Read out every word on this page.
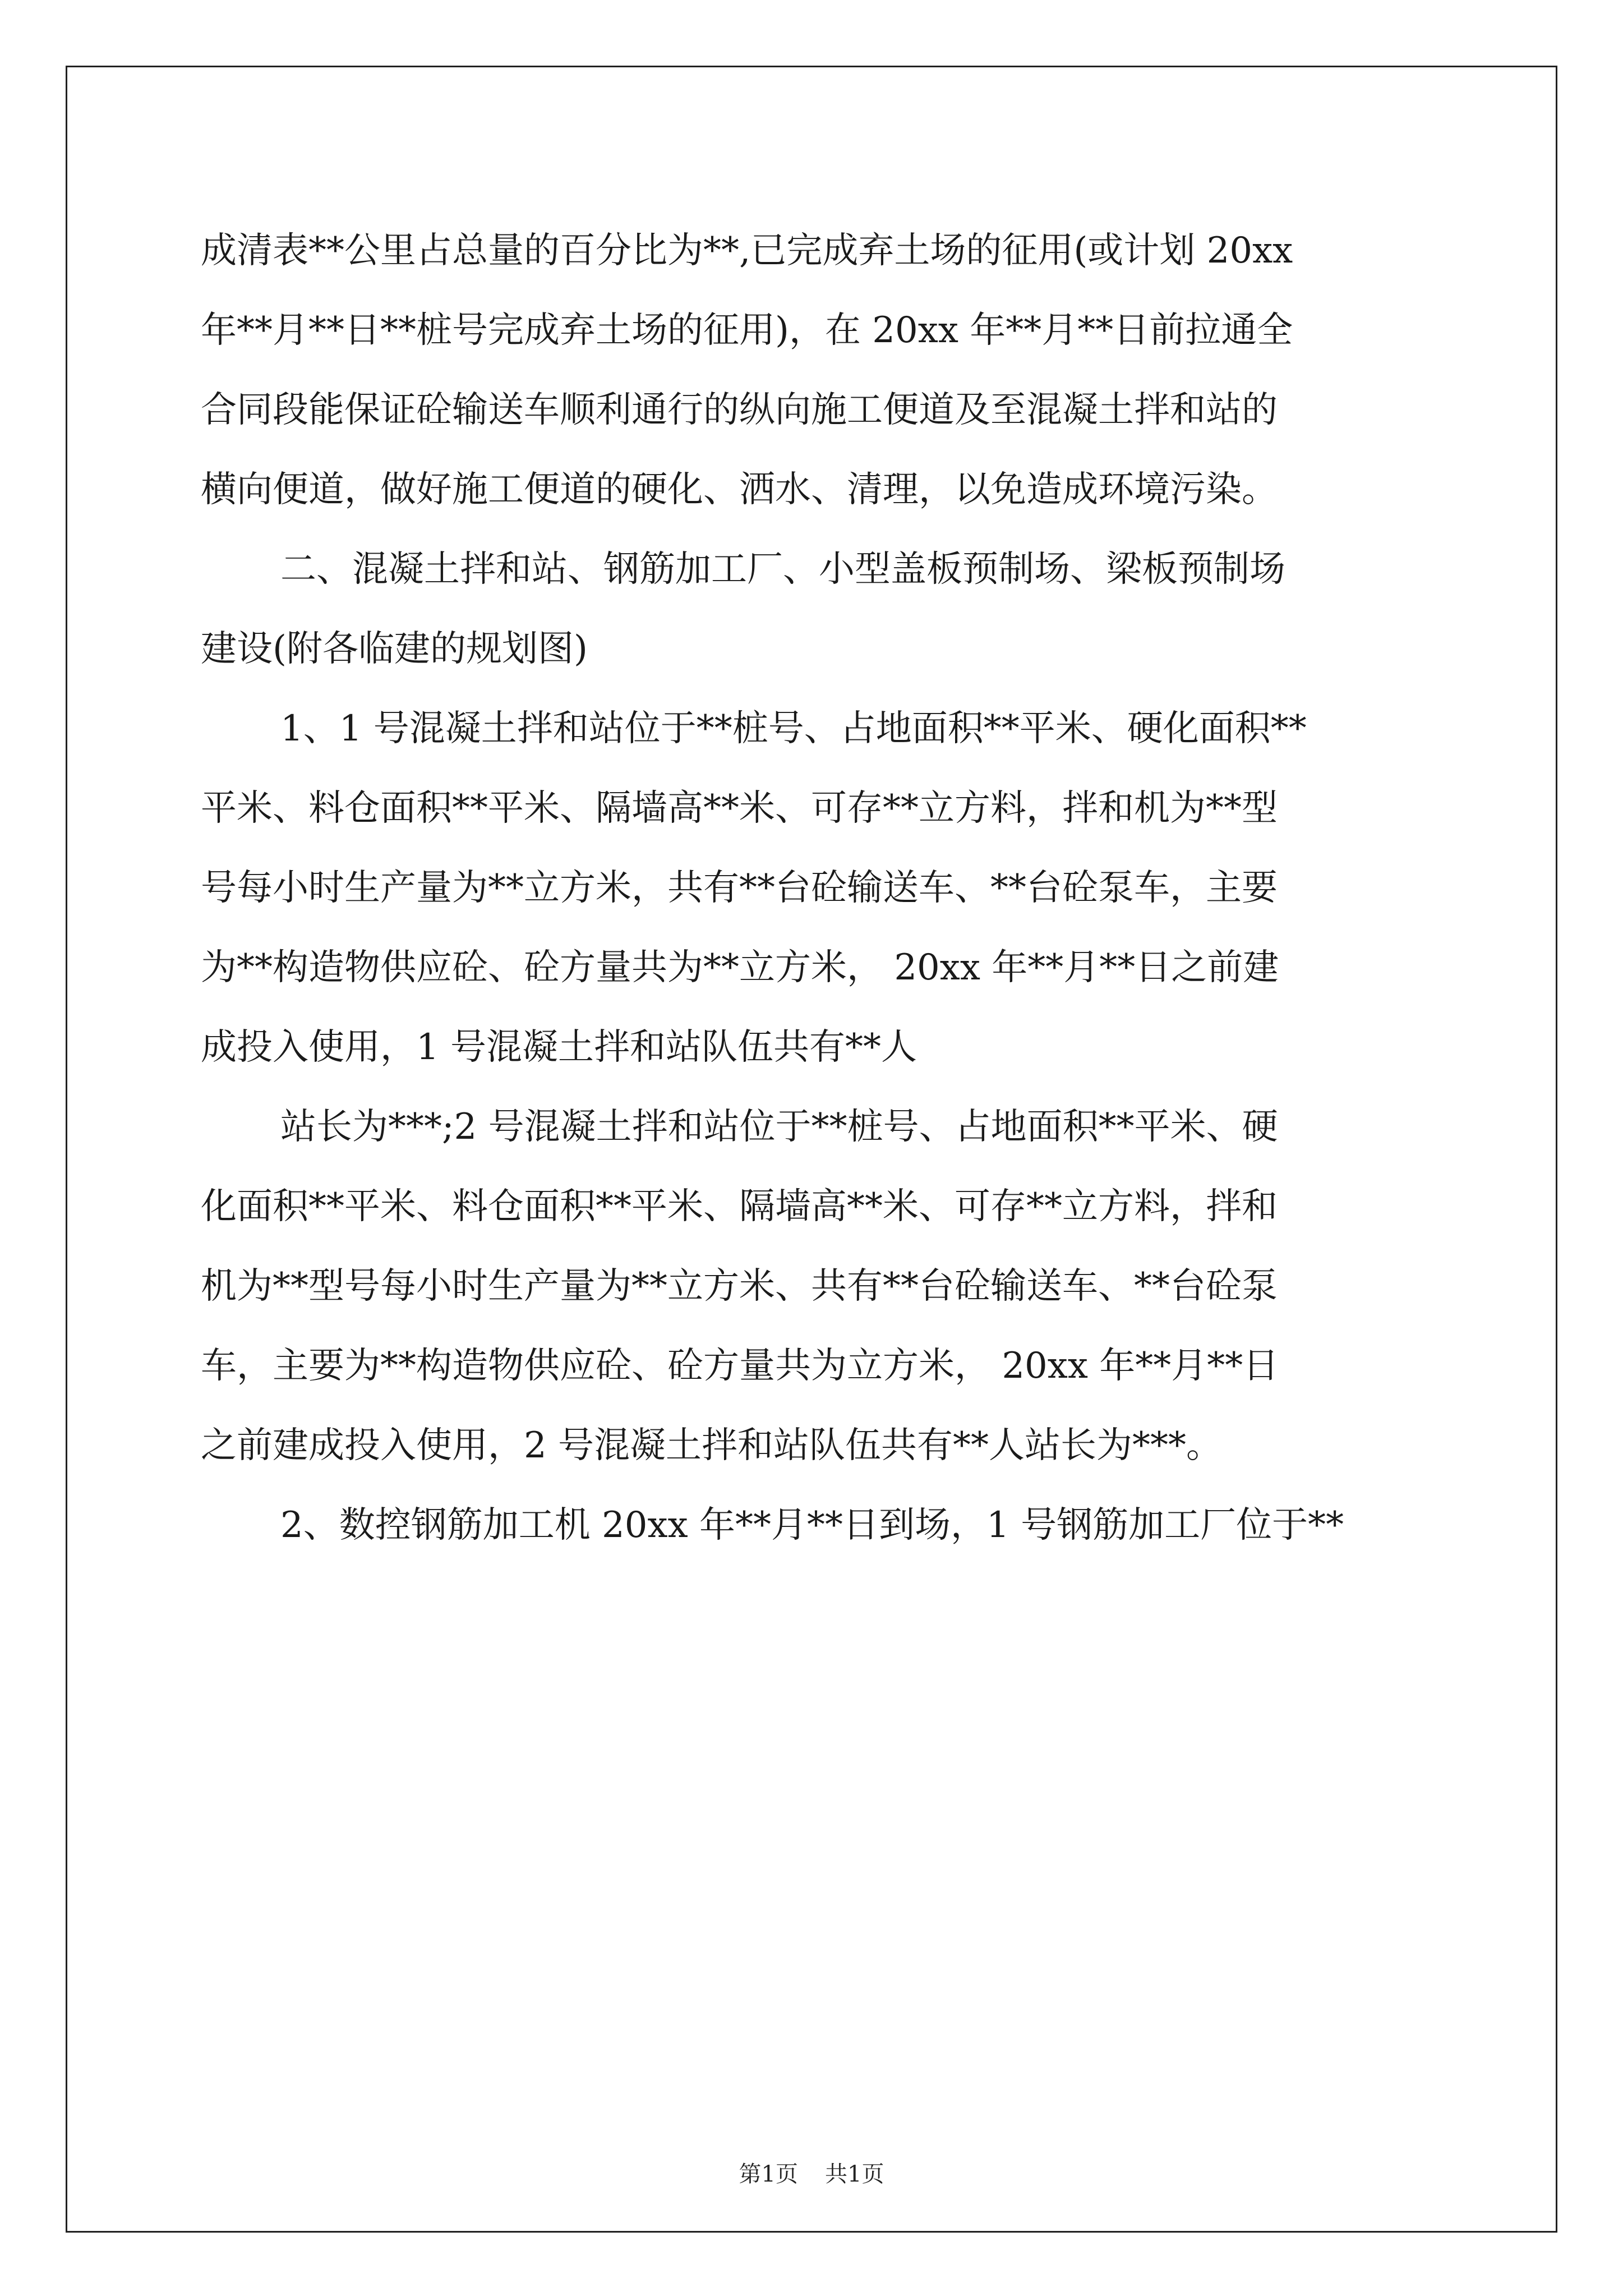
成清表**公里占总量的百分比为**,已完成弃土场的征用(或计划 20xx
年**月**日**桩号完成弃土场的征用)，在 20xx 年**月**日前拉通全
合同段能保证砼输送车顺利通行的纵向施工便道及至混凝土拌和站的
横向便道，做好施工便道的硬化、洒水、清理，以免造成环境污染。
二、混凝土拌和站、钢筋加工厂、小型盖板预制场、梁板预制场
建设(附各临建的规划图)
1、1 号混凝土拌和站位于**桩号、占地面积**平米、硬化面积**
平米、料仓面积**平米、隔墙高**米、可存**立方料，拌和机为**型
号每小时生产量为**立方米，共有**台砼输送车、**台砼泵车，主要
为**构造物供应砼、砼方量共为**立方米， 20xx 年**月**日之前建
成投入使用，1 号混凝土拌和站队伍共有**人
站长为***;2 号混凝土拌和站位于**桩号、占地面积**平米、硬
化面积**平米、料仓面积**平米、隔墙高**米、可存**立方料，拌和
机为**型号每小时生产量为**立方米、共有**台砼输送车、**台砼泵
车，主要为**构造物供应砼、砼方量共为立方米， 20xx 年**月**日
之前建成投入使用，2 号混凝土拌和站队伍共有**人站长为***。
2、数控钢筋加工机 20xx 年**月**日到场，1 号钢筋加工厂位于**
第1页 共1页
